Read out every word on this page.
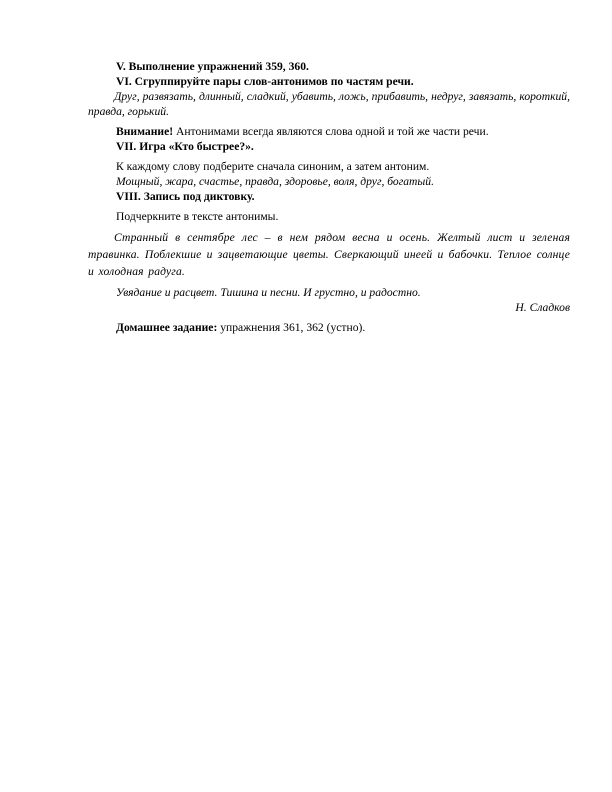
V. Выполнение упражнений 359, 360.

VI. Сгруппируйте пары слов-антонимов по частям речи.

Друг, развязать, длинный, сладкий, убавить, ложь, прибавить, недруг, завязать, короткий, правда, горький.

Внимание! Антонимами всегда являются слова одной и той же части речи.

VII. Игра «Кто быстрее?».

К каждому слову подберите сначала синоним, а затем антоним.

Мощный, жара, счастье, правда, здоровье, воля, друг, богатый.

VIII. Запись под диктовку.

Подчеркните в тексте антонимы.

Странный в сентябре лес – в нем рядом весна и осень. Желтый лист и зеленая травинка. Поблекшие и зацветающие цветы. Сверкающий инеей и бабочки. Теплое солнце и холодная радуга.

Увядание и расцвет. Тишина и песни. И грустно, и радостно.

Н. Сладков

Домашнее задание: упражнения 361, 362 (устно).
